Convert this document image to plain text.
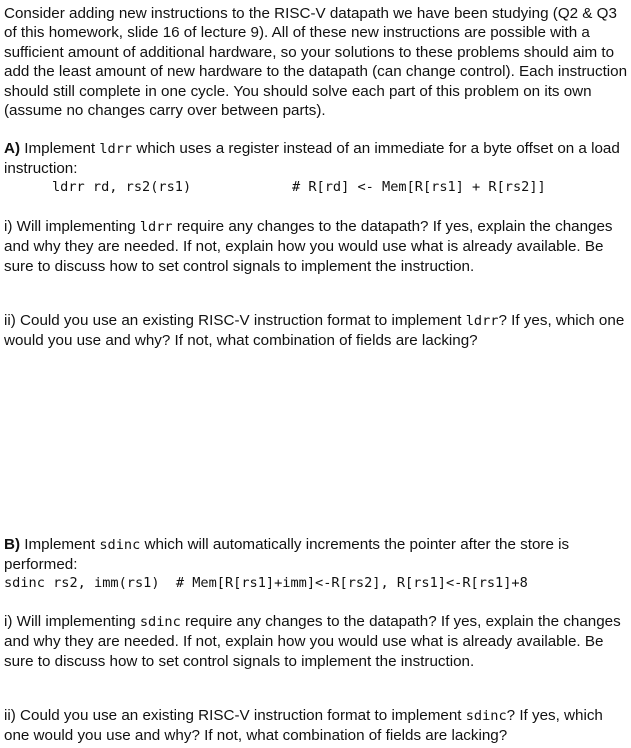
Consider adding new instructions to the RISC-V datapath we have been studying (Q2 & Q3 of this homework, slide 16 of lecture 9). All of these new instructions are possible with a sufficient amount of additional hardware, so your solutions to these problems should aim to add the least amount of new hardware to the datapath (can change control). Each instruction should still complete in one cycle. You should solve each part of this problem on its own (assume no changes carry over between parts).

A) Implement ldrr which uses a register instead of an immediate for a byte offset on a load instruction:

ldrr rd, rs2(rs1)	# R[rd] <- Mem[R[rs1] + R[rs2]]

i) Will implementing ldrr require any changes to the datapath? If yes, explain the changes and why they are needed. If not, explain how you would use what is already available. Be sure to discuss how to set control signals to implement the instruction.

ii) Could you use an existing RISC-V instruction format to implement ldrr? If yes, which one would you use and why? If not, what combination of fields are lacking?

B) Implement sdinc which will automatically increments the pointer after the store is performed:

sdinc rs2, imm(rs1) # Mem[R[rs1]+imm]<-R[rs2], R[rs1]<-R[rs1]+8

i) Will implementing sdinc require any changes to the datapath? If yes, explain the changes and why they are needed. If not, explain how you would use what is already available. Be sure to discuss how to set control signals to implement the instruction.

ii) Could you use an existing RISC-V instruction format to implement sdinc? If yes, which one would you use and why? If not, what combination of fields are lacking?
